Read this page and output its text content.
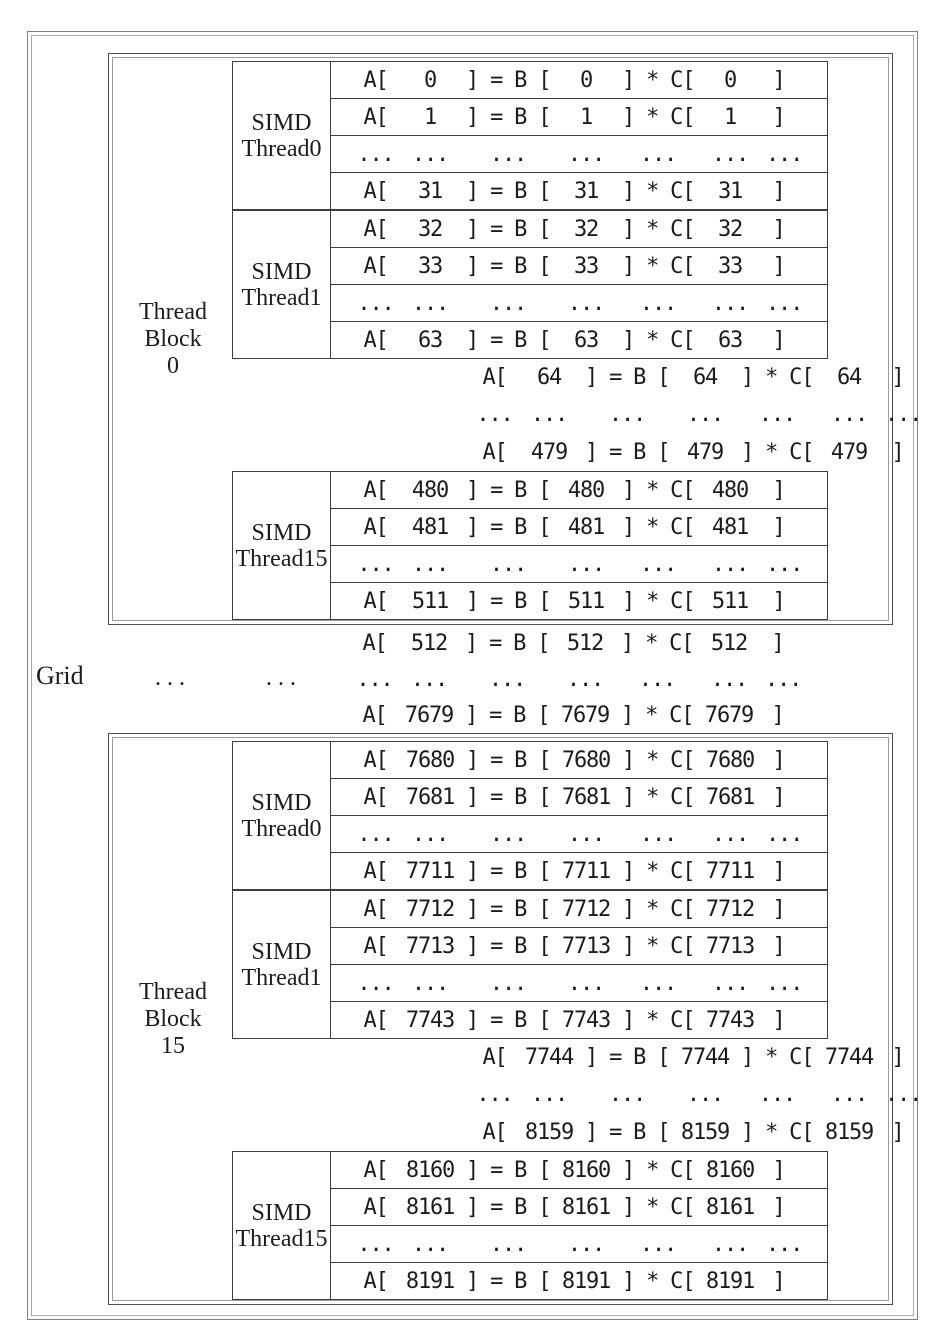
Grid
Thread
Block
0
SIMD
Thread0
A[	0	] = B [	0	] * C[	0	]
A[	1	] = B [	1	] * C[	1	]
... ...	...	...	...	... ...
A[	31	] = B [	31	] * C[	31	]
SIMD
Thread1
A[	32	] = B [	32	] * C[	32	]
A[	33	] = B [	33	] * C[	33	]
... ...	...	...	...	... ...
A[	63	] = B [	63	] * C[	63	]
A[	64	] = B [	64	] * C[	64	]
... ...	...	...	...	... ...
A[	479 ] = B [ 479 ] * C[ 479	]
SIMD
Thread15
A[	480 ] = B [ 480 ] * C[ 480	]
A[	481 ] = B [ 481 ] * C[ 481	]
... ...	...	...	...	... ...
A[	511 ] = B [ 511 ] * C[ 511	]
A[	512 ] = B [ 512 ] * C[ 512	]
... ...	...	...	...	... ...
A[ 7679 ] = B [ 7679 ] * C[ 7679 ]
. . .	. . .
Thread
Block
15
SIMD
Thread0
A[ 7680 ] = B [ 7680 ] * C[ 7680 ]
A[ 7681 ] = B [ 7681 ] * C[ 7681 ]
... ...	...	...	...	... ...
A[ 7711 ] = B [ 7711 ] * C[ 7711 ]
SIMD
Thread1
A[ 7712 ] = B [ 7712 ] * C[ 7712 ]
A[ 7713 ] = B [ 7713 ] * C[ 7713 ]
... ...	...	...	...	... ...
A[ 7743 ] = B [ 7743 ] * C[ 7743 ]
A[ 7744 ] = B [ 7744 ] * C[ 7744 ]
... ...	...	...	...	... ...
A[ 8159 ] = B [ 8159 ] * C[ 8159 ]
SIMD
Thread15
A[ 8160 ] = B [ 8160 ] * C[ 8160 ]
A[ 8161 ] = B [ 8161 ] * C[ 8161 ]
... ...	...	...	...	... ...
A[ 8191 ] = B [ 8191 ] * C[ 8191 ]
